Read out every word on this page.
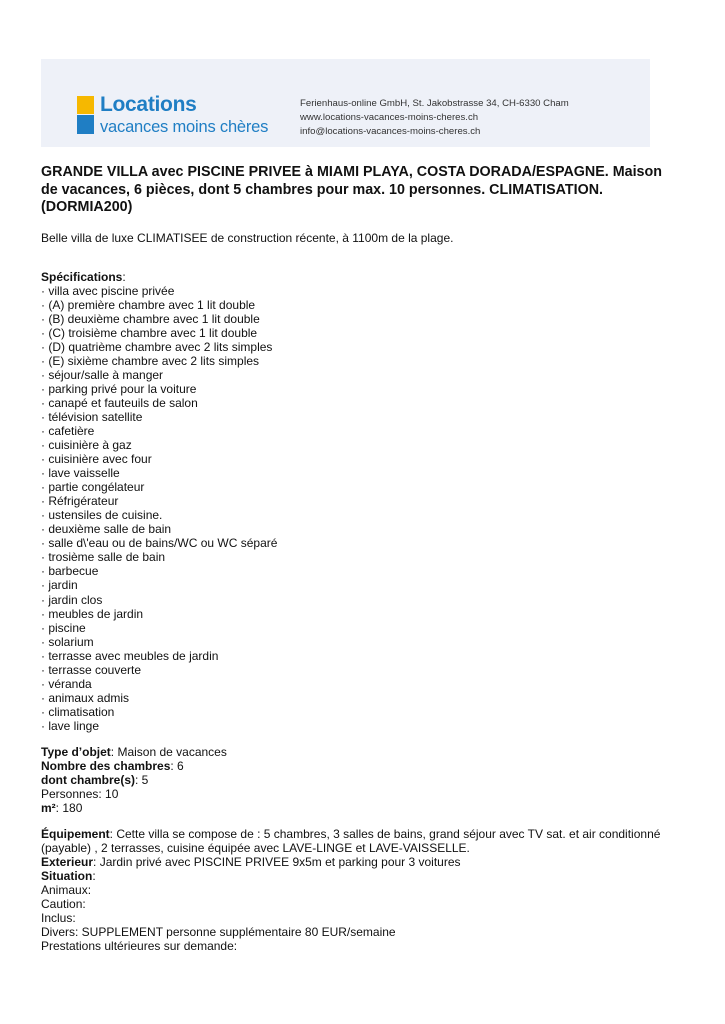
Locations
vacances moins chères
Ferienhaus-online GmbH, St. Jakobstrasse 34, CH-6330 Cham
www.locations-vacances-moins-cheres.ch
info@locations-vacances-moins-cheres.ch
GRANDE VILLA avec PISCINE PRIVEE à MIAMI PLAYA, COSTA DORADA/ESPAGNE. Maison de vacances, 6 pièces, dont 5 chambres pour max. 10 personnes. CLIMATISATION. (DORMIA200)
Belle villa de luxe CLIMATISEE de construction récente, à 1100m de la plage.
Spécifications:
· villa avec piscine privée
· (A) première chambre avec 1 lit double
· (B) deuxième chambre avec 1 lit double
· (C) troisième chambre avec 1 lit double
· (D) quatrième chambre avec 2 lits simples
· (E) sixième chambre avec 2 lits simples
· séjour/salle à manger
· parking privé pour la voiture
· canapé et fauteuils de salon
· télévision satellite
· cafetière
· cuisinière à gaz
· cuisinière avec four
· lave vaisselle
· partie congélateur
· Réfrigérateur
· ustensiles de cuisine.
· deuxième salle de bain
· salle d\'eau ou de bains/WC ou WC séparé
· trosième salle de bain
· barbecue
· jardin
· jardin clos
· meubles de jardin
· piscine
· solarium
· terrasse avec meubles de jardin
· terrasse couverte
· véranda
· animaux admis
· climatisation
· lave linge
Type d’objet: Maison de vacances
Nombre des chambres: 6
dont chambre(s): 5
Personnes: 10
m²: 180
Équipement: Cette villa se compose de : 5 chambres, 3 salles de bains, grand séjour avec TV sat. et air conditionné (payable) , 2 terrasses, cuisine équipée avec LAVE-LINGE et LAVE-VAISSELLE.
Exterieur: Jardin privé avec PISCINE PRIVEE 9x5m et parking pour 3 voitures
Situation:
Animaux:
Caution:
Inclus:
Divers: SUPPLEMENT personne supplémentaire 80 EUR/semaine
Prestations ultérieures sur demande:
